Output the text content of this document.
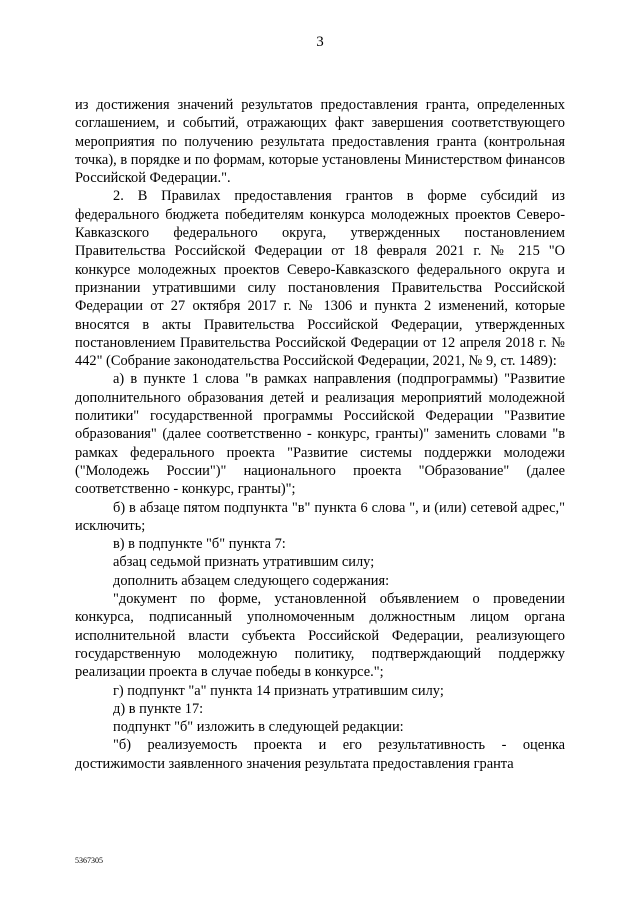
3

из достижения значений результатов предоставления гранта, определенных соглашением, и событий, отражающих факт завершения соответствующего мероприятия по получению результата предоставления гранта (контрольная точка), в порядке и по формам, которые установлены Министерством финансов Российской Федерации.".

2. В Правилах предоставления грантов в форме субсидий из федерального бюджета победителям конкурса молодежных проектов Северо-Кавказского федерального округа, утвержденных постановлением Правительства Российской Федерации от 18 февраля 2021 г. № 215 "О конкурсе молодежных проектов Северо-Кавказского федерального округа и признании утратившими силу постановления Правительства Российской Федерации от 27 октября 2017 г. № 1306 и пункта 2 изменений, которые вносятся в акты Правительства Российской Федерации, утвержденных постановлением Правительства Российской Федерации от 12 апреля 2018 г. № 442" (Собрание законодательства Российской Федерации, 2021, № 9, ст. 1489):

а) в пункте 1 слова "в рамках направления (подпрограммы) "Развитие дополнительного образования детей и реализация мероприятий молодежной политики" государственной программы Российской Федерации "Развитие образования" (далее соответственно - конкурс, гранты)" заменить словами "в рамках федерального проекта "Развитие системы поддержки молодежи ("Молодежь России")" национального проекта "Образование" (далее соответственно - конкурс, гранты)";

б) в абзаце пятом подпункта "в" пункта 6 слова ", и (или) сетевой адрес," исключить;

в) в подпункте "б" пункта 7:

абзац седьмой признать утратившим силу;

дополнить абзацем следующего содержания:

"документ по форме, установленной объявлением о проведении конкурса, подписанный уполномоченным должностным лицом органа исполнительной власти субъекта Российской Федерации, реализующего государственную молодежную политику, подтверждающий поддержку реализации проекта в случае победы в конкурсе.";

г) подпункт "а" пункта 14 признать утратившим силу;

д) в пункте 17:

подпункт "б" изложить в следующей редакции:

"б) реализуемость проекта и его результативность - оценка достижимости заявленного значения результата предоставления гранта

5367305
